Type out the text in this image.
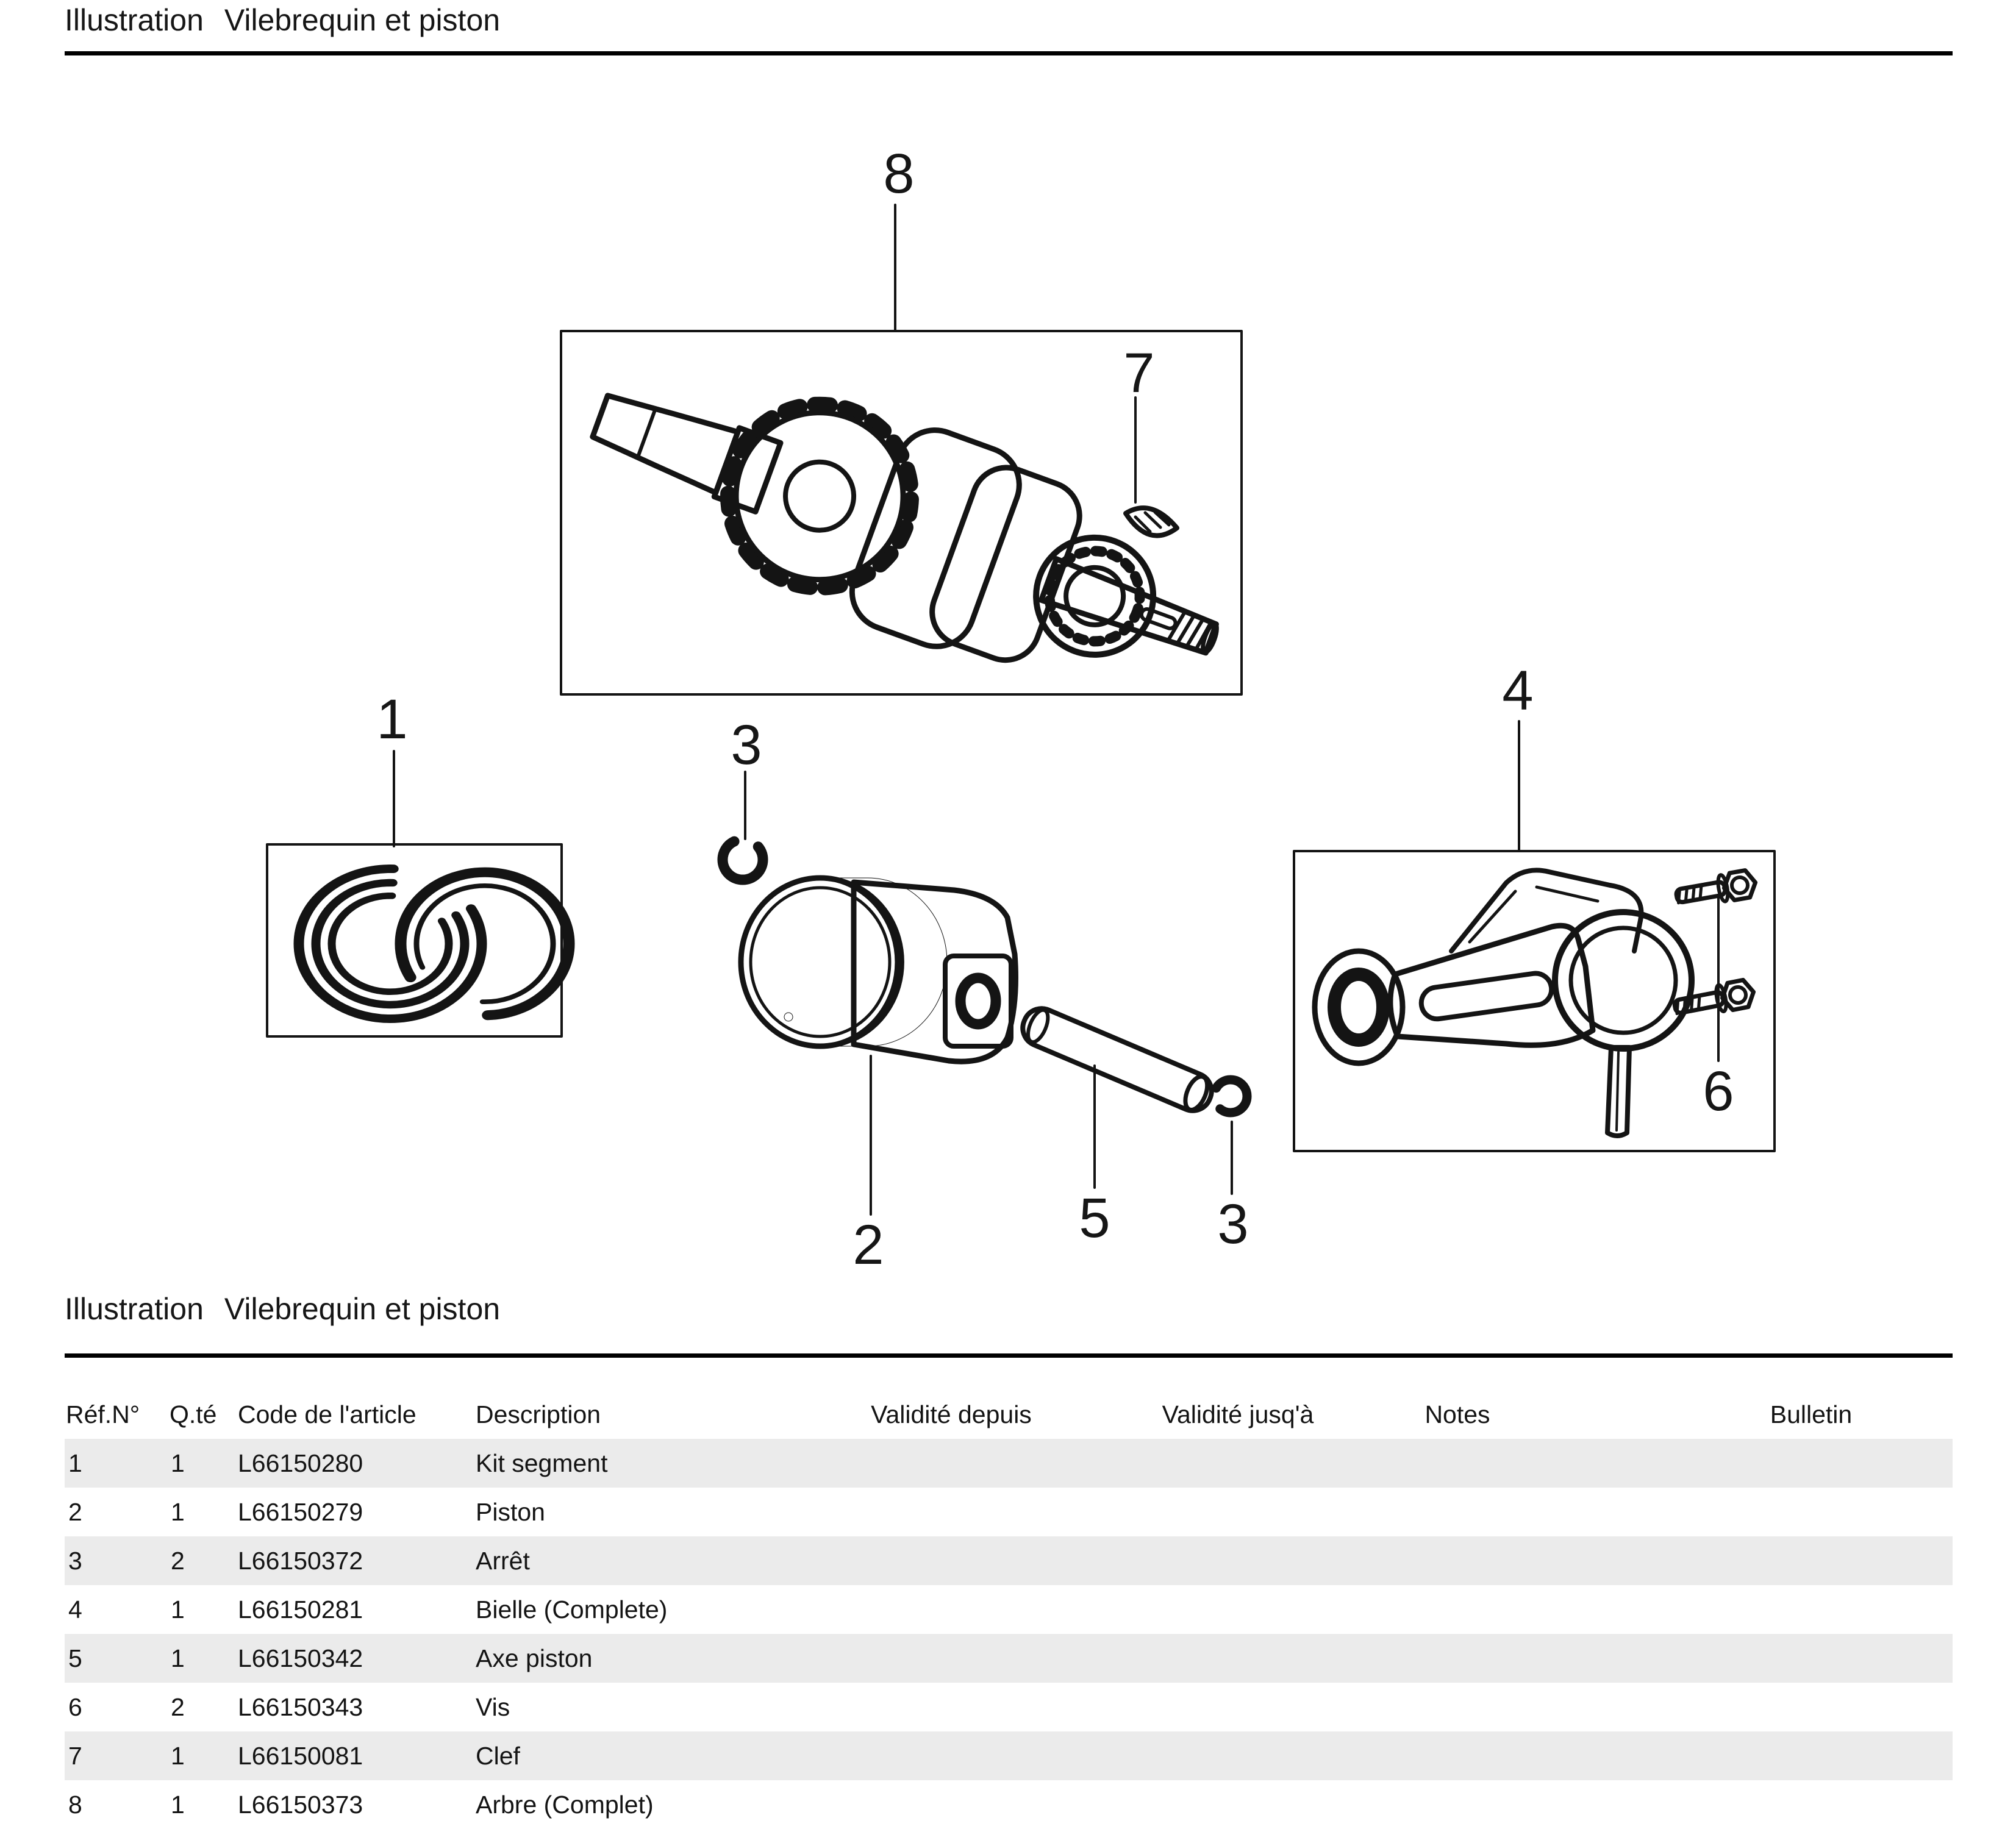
Illustration Vilebrequin et piston
8
7
1	3
4
2	5	3
6
Illustration Vilebrequin et piston
Réf.N° Q.té Code de l'article Description	Validité depuis	Validité jusq'à	Notes	Bulletin
1	1 L66150280	Kit segment
2	1 L66150279	Piston
3	2 L66150372	Arrêt
4	1 L66150281	Bielle (Complete)
5	1 L66150342	Axe piston
6	2 L66150343	Vis
7	1 L66150081	Clef
8	1 L66150373	Arbre (Complet)
